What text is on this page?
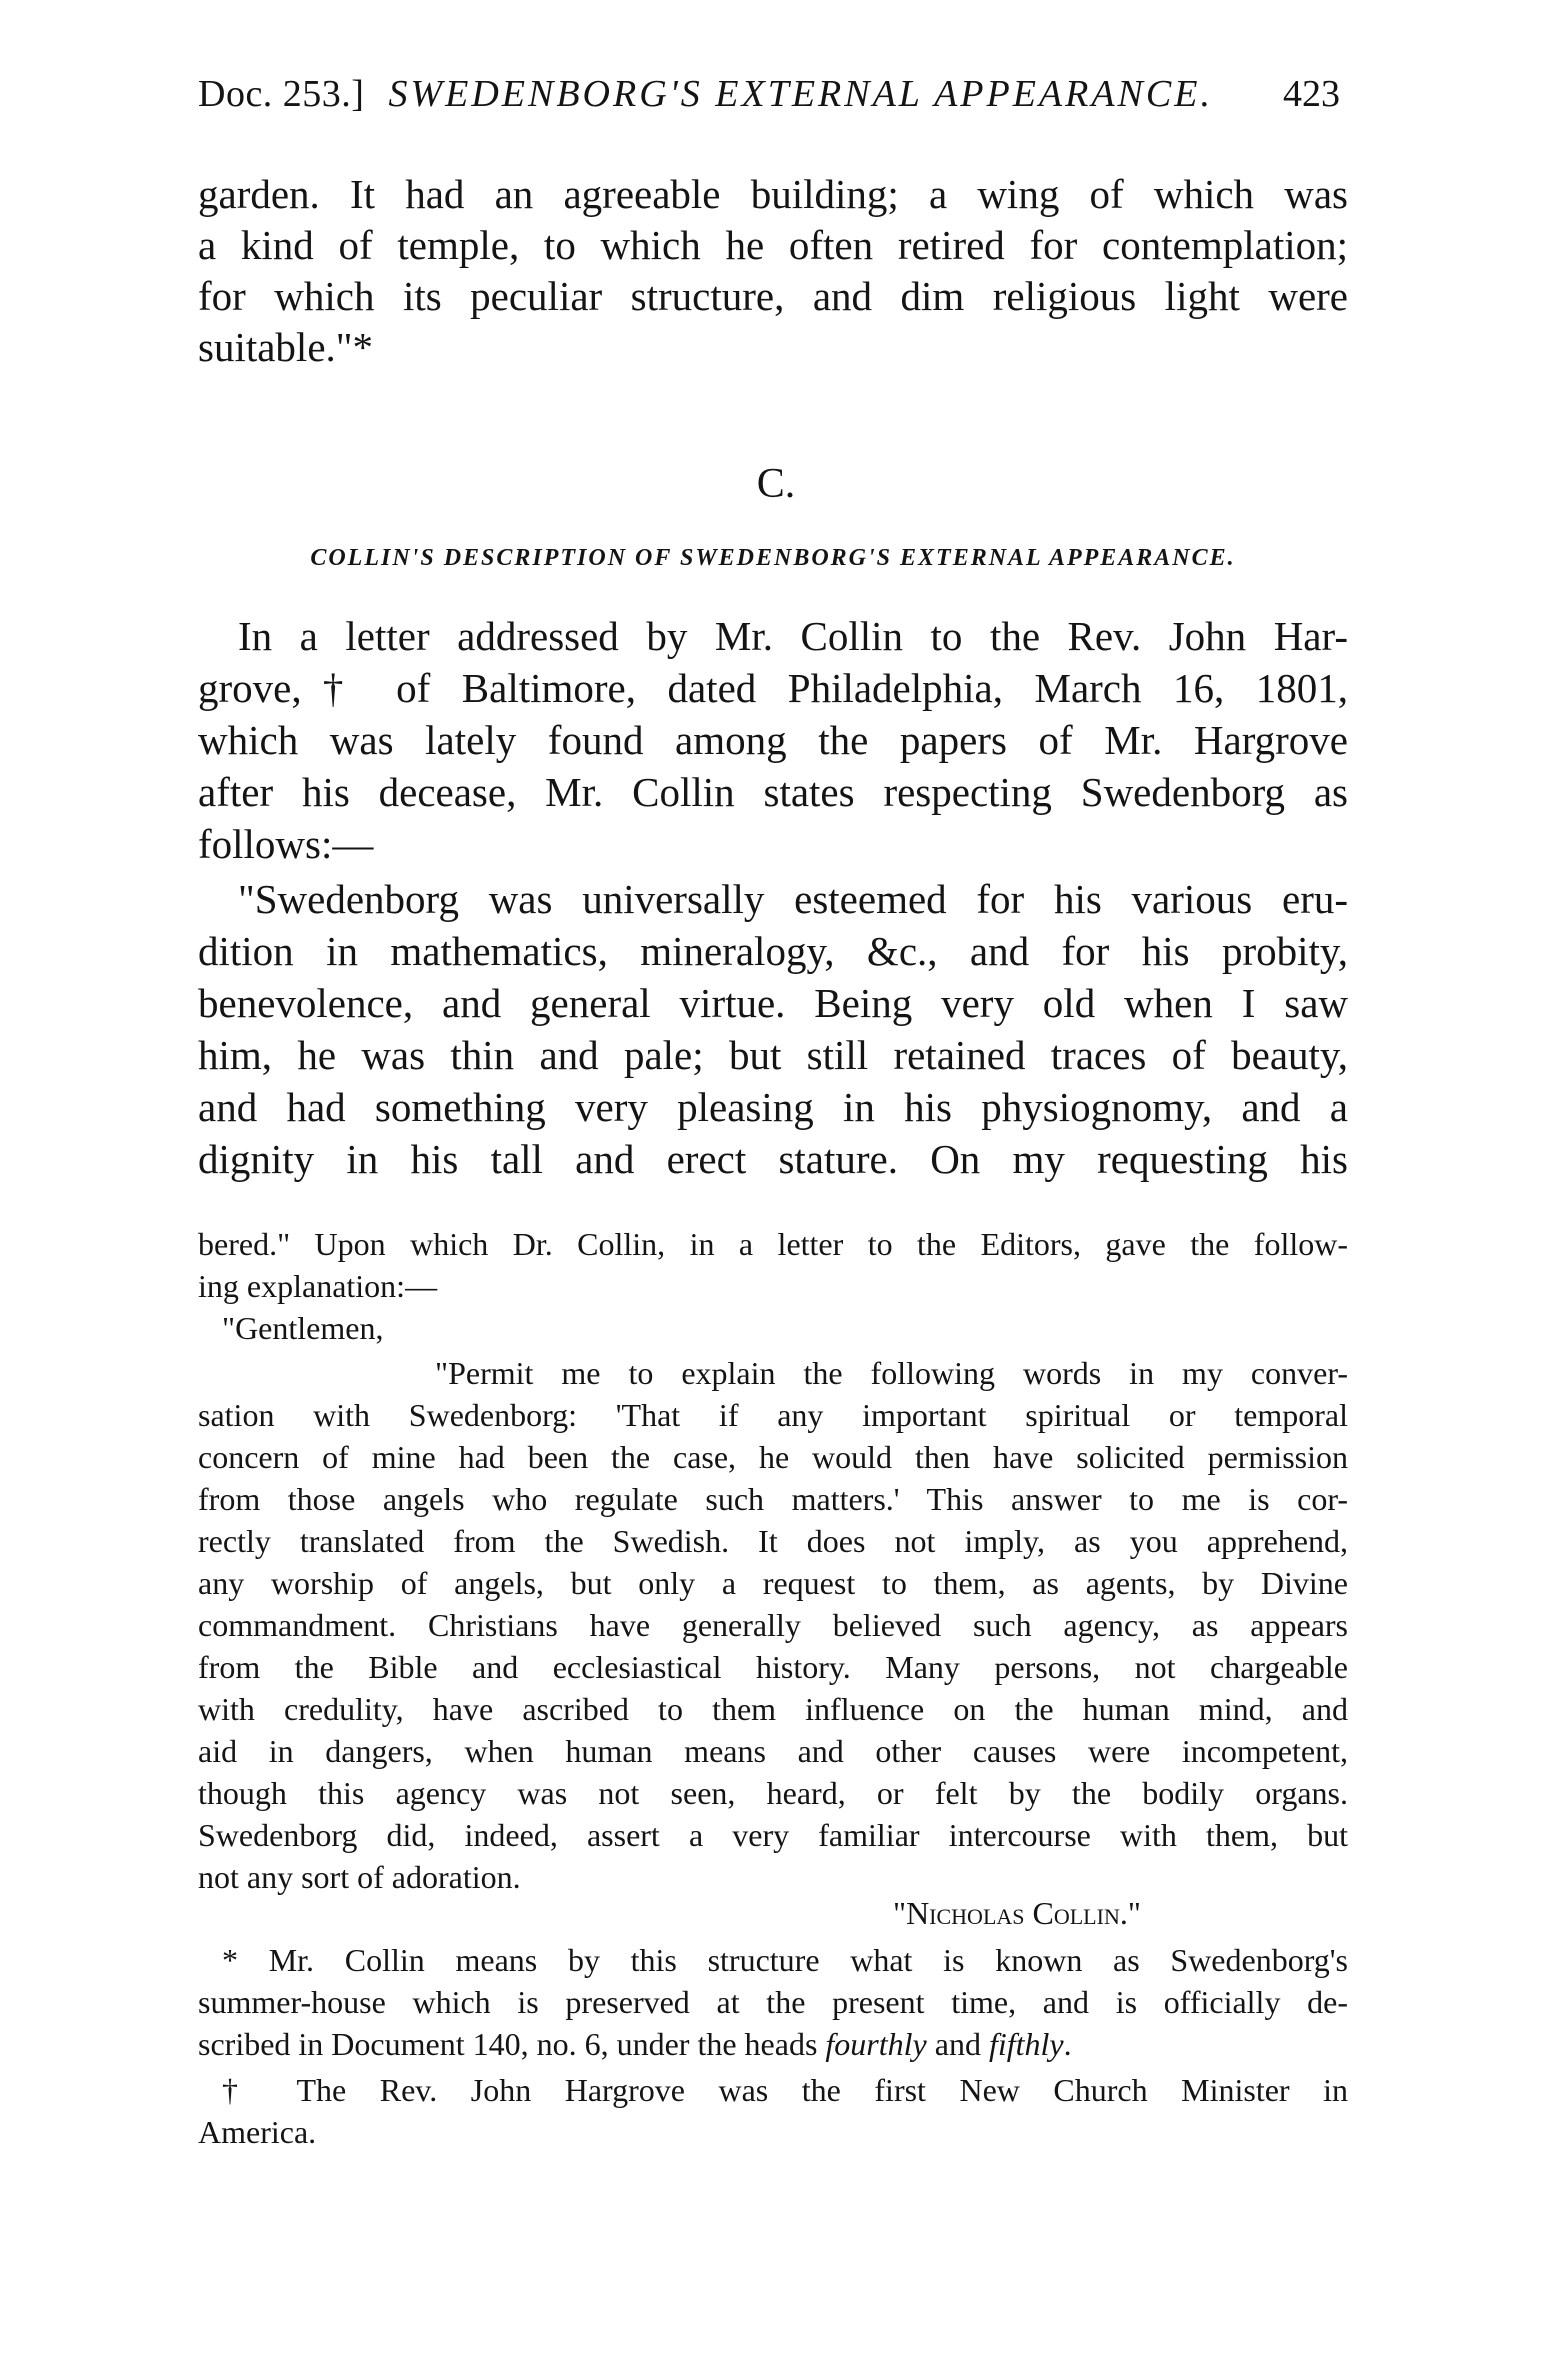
Doc. 253.] SWEDENBORG'S EXTERNAL APPEARANCE. 423
garden. It had an agreeable building; a wing of which was
a kind of temple, to which he often retired for contemplation;
for which its peculiar structure, and dim religious light were
suitable."*
C.
COLLIN'S DESCRIPTION OF SWEDENBORG'S EXTERNAL APPEARANCE.
In a letter addressed by Mr. Collin to the Rev. John Har-
grove,† of Baltimore, dated Philadelphia, March 16, 1801,
which was lately found among the papers of Mr. Hargrove
after his decease, Mr. Collin states respecting Swedenborg as
follows:—
"Swedenborg was universally esteemed for his various eru-
dition in mathematics, mineralogy, &c., and for his probity,
benevolence, and general virtue. Being very old when I saw
him, he was thin and pale; but still retained traces of beauty,
and had something very pleasing in his physiognomy, and a
dignity in his tall and erect stature. On my requesting his
bered." Upon which Dr. Collin, in a letter to the Editors, gave the follow-
ing explanation:—
"Gentlemen,
"Permit me to explain the following words in my conver-
sation with Swedenborg: 'That if any important spiritual or temporal
concern of mine had been the case, he would then have solicited permission
from those angels who regulate such matters.' This answer to me is cor-
rectly translated from the Swedish. It does not imply, as you apprehend,
any worship of angels, but only a request to them, as agents, by Divine
commandment. Christians have generally believed such agency, as appears
from the Bible and ecclesiastical history. Many persons, not chargeable
with credulity, have ascribed to them influence on the human mind, and
aid in dangers, when human means and other causes were incompetent,
though this agency was not seen, heard, or felt by the bodily organs.
Swedenborg did, indeed, assert a very familiar intercourse with them, but
not any sort of adoration.
"Nicholas Collin."
* Mr. Collin means by this structure what is known as Swedenborg's
summer-house which is preserved at the present time, and is officially de-
scribed in Document 140, no. 6, under the heads fourthly and fifthly.
† The Rev. John Hargrove was the first New Church Minister in
America.
